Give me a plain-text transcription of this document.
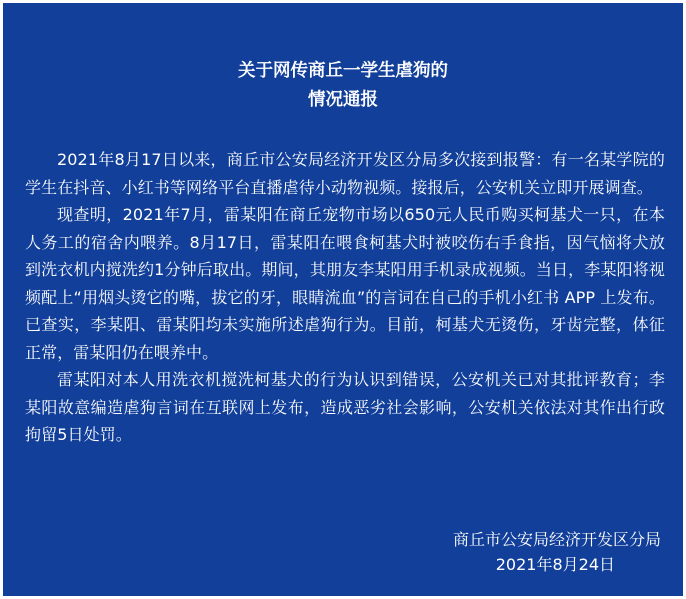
关于网传商丘一学生虐狗的
情况通报

2021年8月17日以来，商丘市公安局经济开发区分局多次接到报警：有一名某学院的学生在抖音、小红书等网络平台直播虐待小动物视频。接报后，公安机关立即开展调查。

现查明，2021年7月，雷某阳在商丘宠物市场以650元人民币购买柯基犬一只，在本人务工的宿舍内喂养。8月17日，雷某阳在喂食柯基犬时被咬伤右手食指，因气恼将犬放到洗衣机内搅洗约1分钟后取出。期间，其朋友李某阳用手机录成视频。当日，李某阳将视频配上“用烟头烫它的嘴，拔它的牙，眼睛流血”的言词在自己的手机小红书 APP 上发布。已查实，李某阳、雷某阳均未实施所述虐狗行为。目前，柯基犬无烫伤，牙齿完整，体征正常，雷某阳仍在喂养中。

雷某阳对本人用洗衣机搅洗柯基犬的行为认识到错误，公安机关已对其批评教育；李某阳故意编造虐狗言词在互联网上发布，造成恶劣社会影响，公安机关依法对其作出行政拘留5日处罚。

商丘市公安局经济开发区分局

2021年8月24日
